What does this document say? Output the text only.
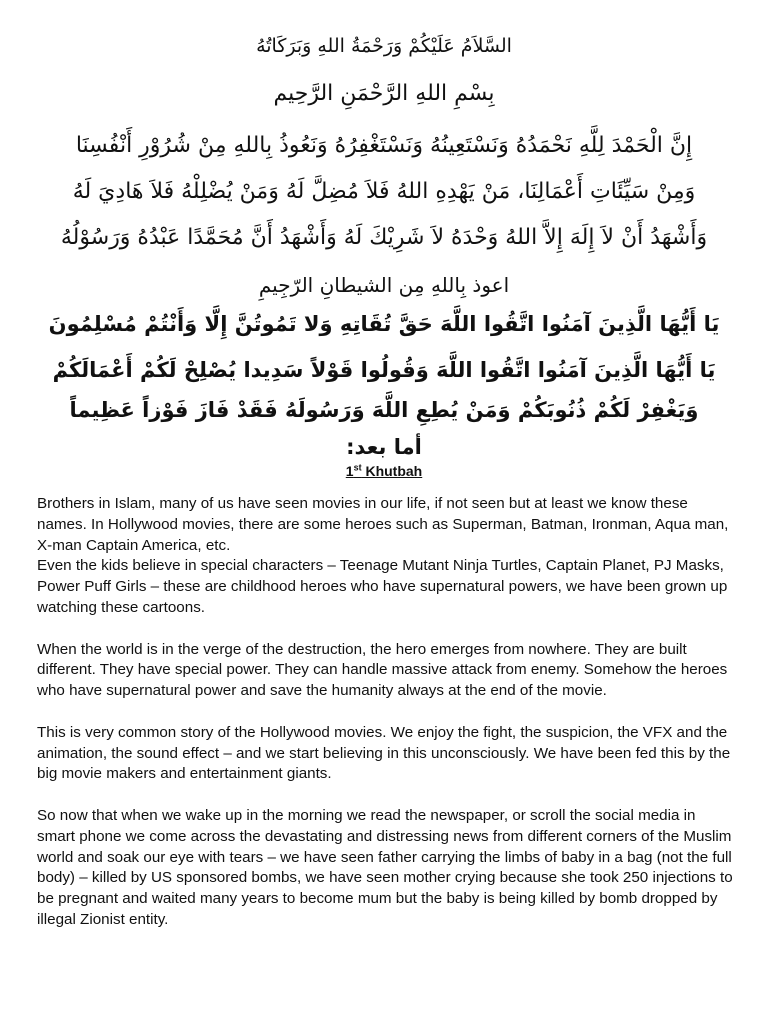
السَّلاَمُ عَلَيْكُمْ وَرَحْمَةُ اللهِ وَبَرَكَاتُهُ
بِسْمِ اللهِ الرَّحْمَنِ الرَّحِيم
إِنَّ الْحَمْدَ لِلَّهِ نَحْمَدُهُ وَنَسْتَعِينُهُ وَنَسْتَغْفِرُهُ وَنَعُوذُ بِاللهِ مِنْ شُرُوْرِ أَنْفُسِنَا
وَمِنْ سَيِّئَاتِ أَعْمَالِنَا، مَنْ يَهْدِهِ اللهُ فَلاَ مُضِلَّ لَهُ وَمَنْ يُضْلِلْهُ فَلاَ هَادِيَ لَهُ
وَأَشْهَدُ أَنْ لاَ إِلَهَ إِلاَّ اللهُ وَحْدَهُ لاَ شَرِيْكَ لَهُ وَأَشْهَدُ أَنَّ مُحَمَّدًا عَبْدُهُ وَرَسُوْلُهُ
اعوذ بِاللهِ مِن الشيطانِ الرّجِيمِ
يَا أَيُّهَا الَّذِينَ آمَنُوا اتَّقُوا اللَّهَ حَقَّ تُقَاتِهِ وَلا تَمُوتُنَّ إِلَّا وَأَنْتُمْ مُسْلِمُونَ
يَا أَيُّهَا الَّذِينَ آمَنُوا اتَّقُوا اللَّهَ وَقُولُوا قَوْلاً سَدِيدا يُصْلِحْ لَكُمْ أَعْمَالَكُمْ
وَيَغْفِرْ لَكُمْ ذُنُوبَكُمْ وَمَنْ يُطِعِ اللَّهَ وَرَسُولَهُ فَقَدْ فَازَ فَوْزاً عَظِيماً
أما بعد:
1st Khutbah

Brothers in Islam, many of us have seen movies in our life, if not seen but at least we know these names. In Hollywood movies, there are some heroes such as Superman, Batman, Ironman, Aqua man, X-man Captain America, etc.

Even the kids believe in special characters – Teenage Mutant Ninja Turtles, Captain Planet, PJ Masks, Power Puff Girls – these are childhood heroes who have supernatural powers, we have been grown up watching these cartoons.

When the world is in the verge of the destruction, the hero emerges from nowhere. They are built different. They have special power. They can handle massive attack from enemy. Somehow the heroes who have supernatural power and save the humanity always at the end of the movie.

This is very common story of the Hollywood movies. We enjoy the fight, the suspicion, the VFX and the animation, the sound effect – and we start believing in this unconsciously. We have been fed this by the big movie makers and entertainment giants.

So now that when we wake up in the morning we read the newspaper, or scroll the social media in smart phone we come across the devastating and distressing news from different corners of the Muslim world and soak our eye with tears – we have seen father carrying the limbs of baby in a bag (not the full body) – killed by US sponsored bombs, we have seen mother crying because she took 250 injections to be pregnant and waited many years to become mum but the baby is being killed by bomb dropped by illegal Zionist entity.
